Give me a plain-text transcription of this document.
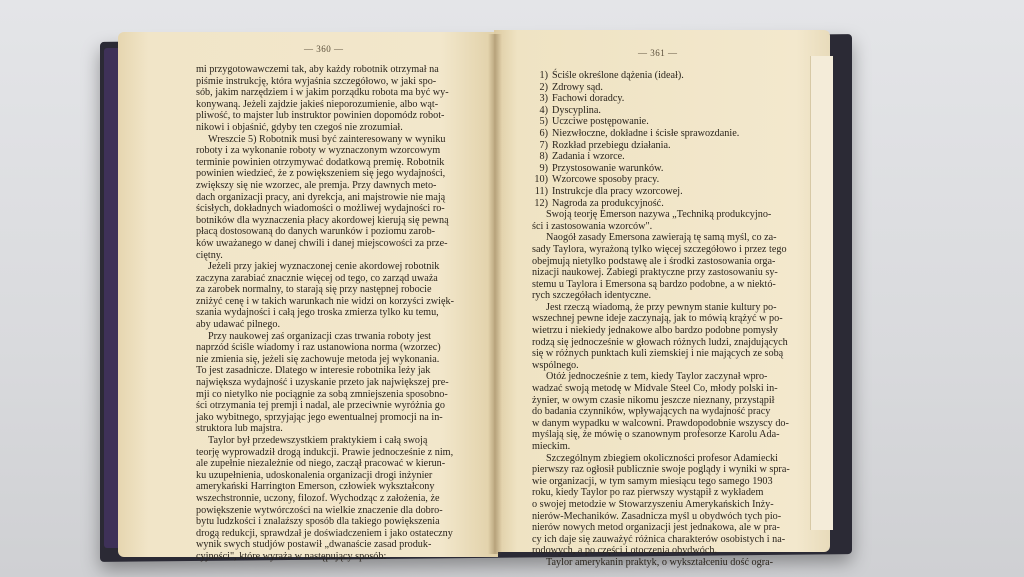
— 360 —	— 361 —

mi przygotowawczemi tak, aby każdy robotnik otrzymał na

piśmie instrukcję, która wyjaśnia szczegółowo, w jaki spo-

sób, jakim narzędziem i w jakim porządku robota ma być wy-

konywaną. Jeżeli zajdzie jakieś nieporozumienie, albo wąt-

pliwość, to majster lub instruktor powinien dopomódz robot-

nikowi i objaśnić, gdyby ten czegoś nie zrozumiał.

Wreszcie 5) Robotnik musi być zainteresowany w wyniku

roboty i za wykonanie roboty w wyznaczonym wzorcowym

terminie powinien otrzymywać dodatkową premię. Robotnik

powinien wiedzieć, że z powiększeniem się jego wydajności,

zwiększy się nie wzorzec, ale premja. Przy dawnych meto-

dach organizacji pracy, ani dyrekcja, ani majstrowie nie mają

ścisłych, dokładnych wiadomości o możliwej wydajności ro-

botników dla wyznaczenia płacy akordowej kierują się pewną

płacą dostosowaną do danych warunków i poziomu zarob-

ków uważanego w danej chwili i danej miejscowości za prze-

ciętny.

Jeżeli przy jakiej wyznaczonej cenie akordowej robotnik

zaczyna zarabiać znacznie więcej od tego, co zarząd uważa

za zarobek normalny, to starają się przy następnej robocie

zniżyć cenę i w takich warunkach nie widzi on korzyści zwięk-

szania wydajności i całą jego troska zmierza tylko ku temu,

aby udawać pilnego.

Przy naukowej zaś organizacji czas trwania roboty jest

naprzód ściśle wiadomy i raz ustanowiona norma (wzorzec)

nie zmienia się, jeżeli się zachowuje metoda jej wykonania.

To jest zasadnicze. Dlatego w interesie robotnika leży jak

największa wydajność i uzyskanie przeto jak największej pre-

mji co nietylko nie pociągnie za sobą zmniejszenia sposobno-

ści otrzymania tej premji i nadal, ale przeciwnie wyróżnia go

jako wybitnego, sprzyjając jego ewentualnej promocji na in-

struktora lub majstra.

Taylor był przedewszystkiem praktykiem i całą swoją

teorję wyprowadził drogą indukcji. Prawie jednocześnie z nim,

ale zupełnie niezależnie od niego, zaczął pracować w kierun-

ku uzupełnienia, udoskonalenia organizacji drogi inżynier

amerykański Harrington Emerson, człowiek wykształcony

wszechstronnie, uczony, filozof. Wychodząc z założenia, że

powiększenie wytwórczości na wielkie znaczenie dla dobro-

bytu ludzkości i znalaźszy sposób dla takiego powiększenia

drogą redukcji, sprawdzał je doświadczeniem i jako ostateczny

wynik swych studjów postawił „dwanaście zasad produk-

cyjności", które wyraża w następujący sposób:

1) Ściśle określone dążenia (ideał).

2) Zdrowy sąd.

3) Fachowi doradcy.

4) Dyscyplina.

5) Uczciwe postępowanie.

6) Niezwłoczne, dokładne i ścisłe sprawozdanie.

7) Rozkład przebiegu działania.

8) Zadania i wzorce.

9) Przystosowanie warunków.

10) Wzorcowe sposoby pracy.

11) Instrukcje dla pracy wzorcowej.

12) Nagroda za produkcyjność.

Swoją teorję Emerson nazywa „Techniką produkcyjno-

ści i zastosowania wzorców".

Naogół zasady Emersona zawierają tę samą myśl, co za-

sady Taylora, wyrażoną tylko więcej szczegółowo i przez tego

obejmują nietylko podstawę ale i środki zastosowania orga-

nizacji naukowej. Zabiegi praktyczne przy zastosowaniu sy-

stemu u Taylora i Emersona są bardzo podobne, a w niektó-

rych szczegółach identyczne.

Jest rzeczą wiadomą, że przy pewnym stanie kultury po-

wszechnej pewne ideje zaczynają, jak to mówią krążyć w po-

wietrzu i niekiedy jednakowe albo bardzo podobne pomysły

rodzą się jednocześnie w głowach różnych ludzi, znajdujących

się w różnych punktach kuli ziemskiej i nie mających ze sobą

wspólnego.

Otóż jednocześnie z tem, kiedy Taylor zaczynał wpro-

wadzać swoją metodę w Midvale Steel Co, młody polski in-

żynier, w owym czasie nikomu jeszcze nieznany, przystąpił

do badania czynników, wpływających na wydajność pracy

w danym wypadku w walcowni. Prawdopodobnie wszyscy do-

myślają się, że mówię o szanownym profesorze Karolu Ada-

mieckim.

Szczególnym zbiegiem okoliczności profesor Adamiecki

pierwszy raz ogłosił publicznie swoje poglądy i wyniki w spra-

wie organizacji, w tym samym miesiącu tego samego 1903

roku, kiedy Taylor po raz pierwszy wystąpił z wykładem

o swojej metodzie w Stowarzyszeniu Amerykańskich Inży-

nierów-Mechaników. Zasadnicza myśl u obydwóch tych pio-

nierów nowych metod organizacji jest jednakowa, ale w pra-

cy ich daje się zauważyć różnica charakterów osobistych i na-

rodowych, a po części i otoczenia obydwóch.

Taylor amerykanin praktyk, o wykształceniu dość ogra-
